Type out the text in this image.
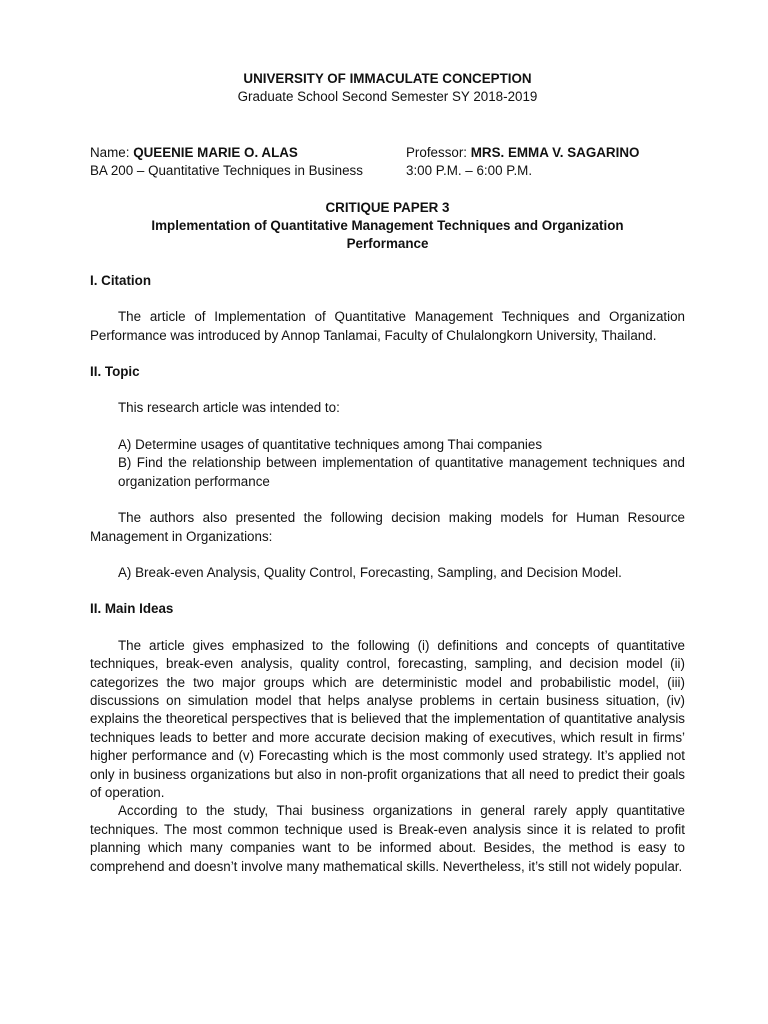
UNIVERSITY OF IMMACULATE CONCEPTION
Graduate School Second Semester SY 2018-2019
Name: QUEENIE MARIE O. ALAS	Professor: MRS. EMMA V. SAGARINO
BA 200 – Quantitative Techniques in Business	3:00 P.M. – 6:00 P.M.
CRITIQUE PAPER 3
Implementation of Quantitative Management Techniques and Organization
Performance
I. Citation

The article of Implementation of Quantitative Management Techniques and Organization Performance was introduced by Annop Tanlamai, Faculty of Chulalongkorn University, Thailand.

II. Topic
This research article was intended to:
A) Determine usages of quantitative techniques among Thai companies
B) Find the relationship between implementation of quantitative management techniques and organization performance

The authors also presented the following decision making models for Human Resource Management in Organizations:

A) Break-even Analysis, Quality Control, Forecasting, Sampling, and Decision Model.
II. Main Ideas

The article gives emphasized to the following (i) definitions and concepts of quantitative techniques, break-even analysis, quality control, forecasting, sampling, and decision model (ii) categorizes the two major groups which are deterministic model and probabilistic model, (iii) discussions on simulation model that helps analyse problems in certain business situation, (iv) explains the theoretical perspectives that is believed that the implementation of quantitative analysis techniques leads to better and more accurate decision making of executives, which result in firms’ higher performance and (v) Forecasting which is the most commonly used strategy. It’s applied not only in business organizations but also in non-profit organizations that all need to predict their goals of operation.

According to the study, Thai business organizations in general rarely apply quantitative techniques. The most common technique used is Break-even analysis since it is related to profit planning which many companies want to be informed about. Besides, the method is easy to comprehend and doesn’t involve many mathematical skills. Nevertheless, it’s still not widely popular.
